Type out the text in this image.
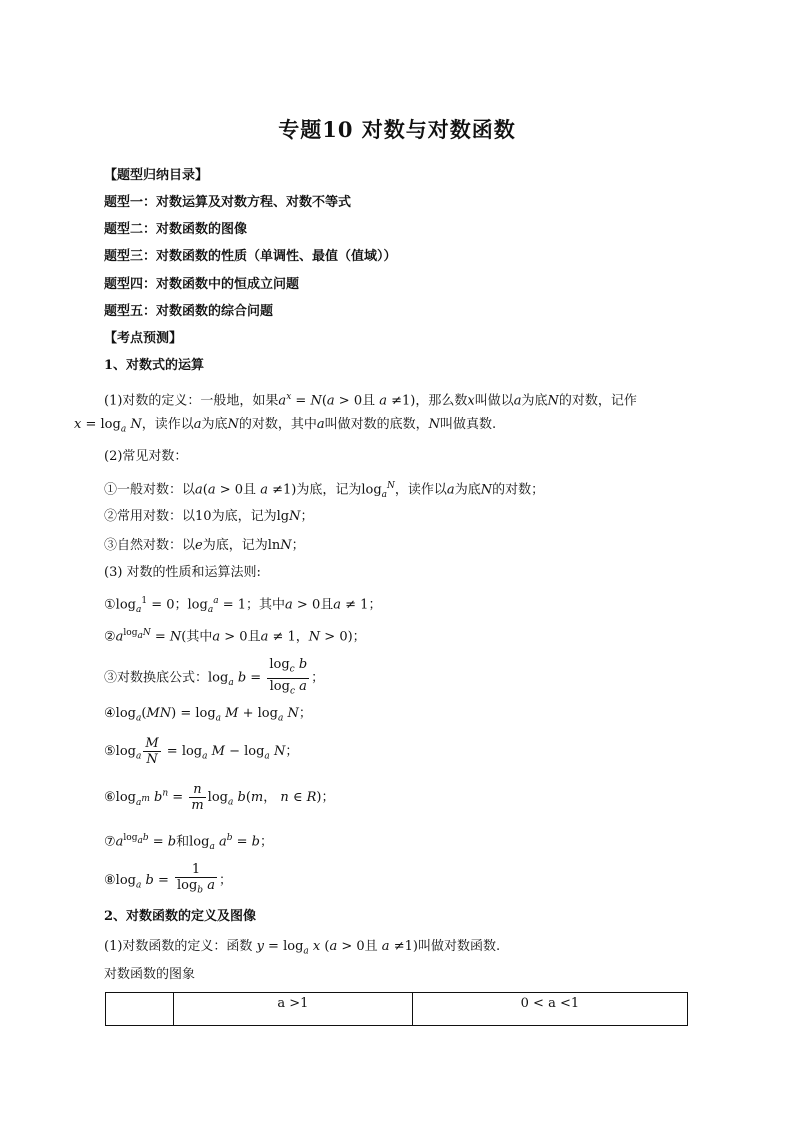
专题10 对数与对数函数
【题型归纳目录】
题型一：对数运算及对数方程、对数不等式
题型二：对数函数的图像
题型三：对数函数的性质（单调性、最值（值域））
题型四：对数函数中的恒成立问题
题型五：对数函数的综合问题
【考点预测】
1、对数式的运算
(1)对数的定义：一般地，如果$a^x = N(a > 0$且 a ≠1)，那么数x叫做以a为底N的对数，记作
$x = \log_a N$，读作以a为底N的对数，其中a叫做对数的底数，N叫做真数.
(2)常见对数：
①一般对数：以a(a > 0且 a ≠1)为底，记为$\log_a^N$，读作以a为底N的对数；
②常用对数：以10为底，记为lgN；
③自然对数：以e为底，记为lnN；
(3) 对数的性质和运算法则:
$①\log_a^1 = 0$；$\log_a^a = 1$；其中a > 0且a ≠ 1；
$②a^{log_aN} = N$(其中a > 0且a ≠ 1，N > 0)；
③对数换底公式：$\log_a b = \frac{\log_c b}{\log_c a}$ ；
$④\log_a(MN) = \log_a M + \log_a N$；
$⑤\log_a \frac{M}{N} = \log_a M - \log_a N$；
$⑥\log_{a^m}$ $b^n = \frac{n}{m} \log_a b(m$， n ∈ R)；
$⑦a^{log_ab} = b$和$\log_a a^b = b$；
$⑧\log_a$ $b = \frac{1}{\log_b a}$ ；
2、对数函数的定义及图像
(1)对数函数的定义：函数 $y = \log_a x$ (a > 0且 a ≠1)叫做对数函数.
对数函数的图象
	a >1	0 < a <1
